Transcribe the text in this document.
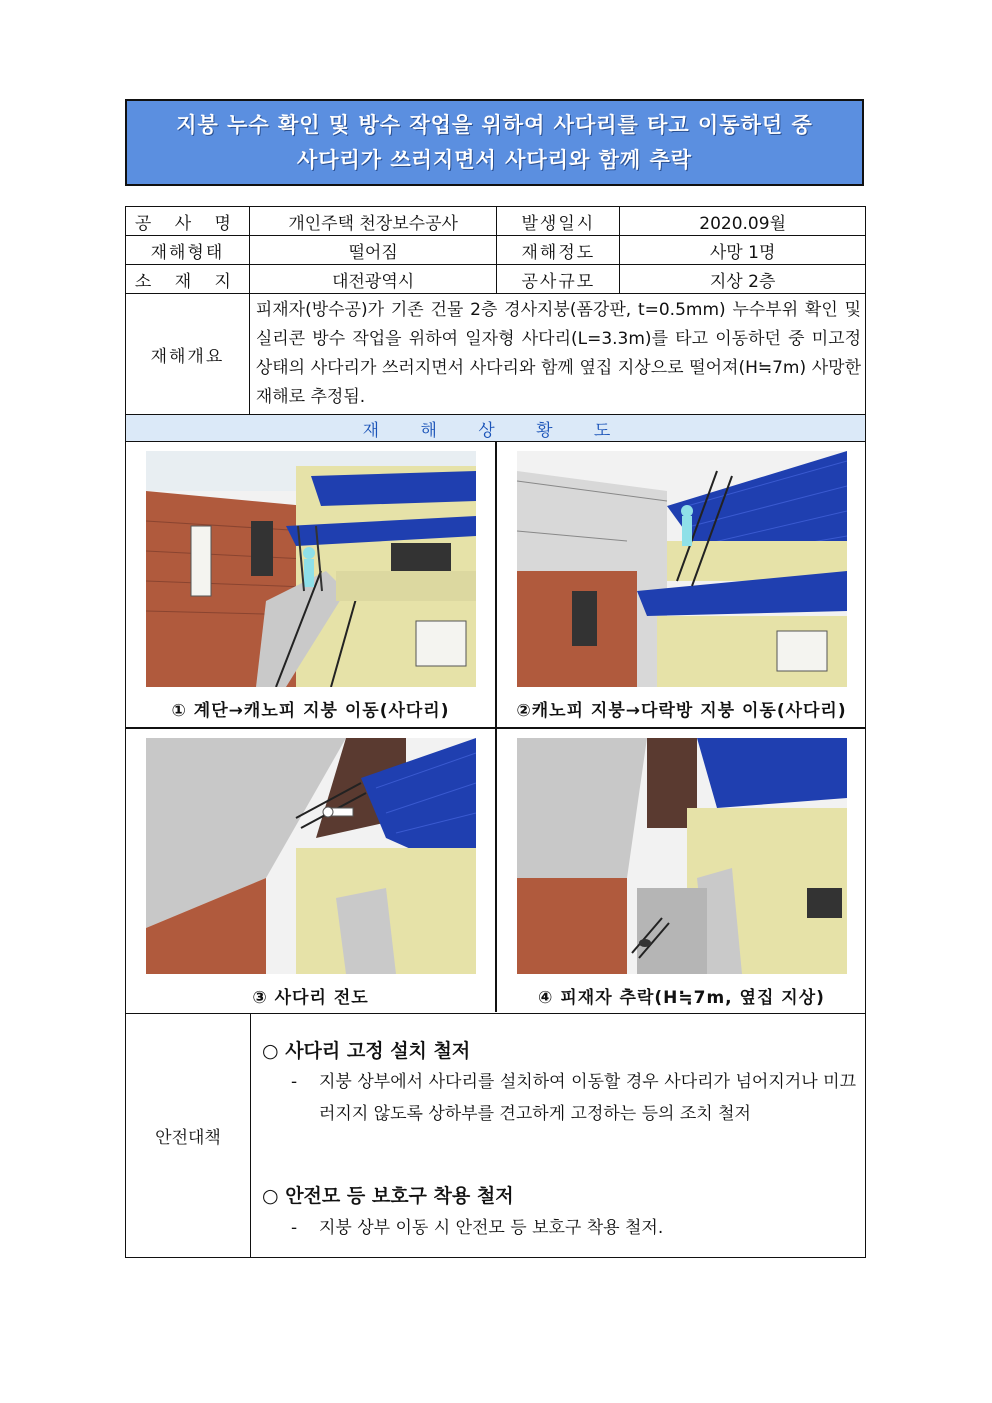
지붕 누수 확인 및 방수 작업을 위하여 사다리를 타고 이동하던 중
사다리가 쓰러지면서 사다리와 함께 추락
공 사 명	개인주택 천장보수공사	발생일시	2020.09월
재해형태	떨어짐	재해정도	사망 1명
소 재 지	대전광역시	공사규모	지상 2층
재해개요	피재자(방수공)가 기존 건물 2층 경사지붕(폼강판, t=0.5mm) 누수부위 확인 및 실리콘 방수 작업을 위하여 일자형 사다리(L=3.3m)를 타고 이동하던 중 미고정 상태의 사다리가 쓰러지면서 사다리와 함께 옆집 지상으로 떨어져(H≒7m) 사망한 재해로 추정됨.		
재 해 상 황 도			
① 계단→캐노피 지붕 이동(사다리)	②캐노피 지붕→다락방 지붕 이동(사다리)
③ 사다리 전도	④ 피재자 추락(H≒7m, 옆집 지상)
안전대책
○ 사다리 고정 설치 철저
-	지붕 상부에서 사다리를 설치하여 이동할 경우 사다리가 넘어지거나 미끄러지지 않도록 상하부를 견고하게 고정하는 등의 조치 철저
○ 안전모 등 보호구 착용 철저
-	지붕 상부 이동 시 안전모 등 보호구 착용 철저.
